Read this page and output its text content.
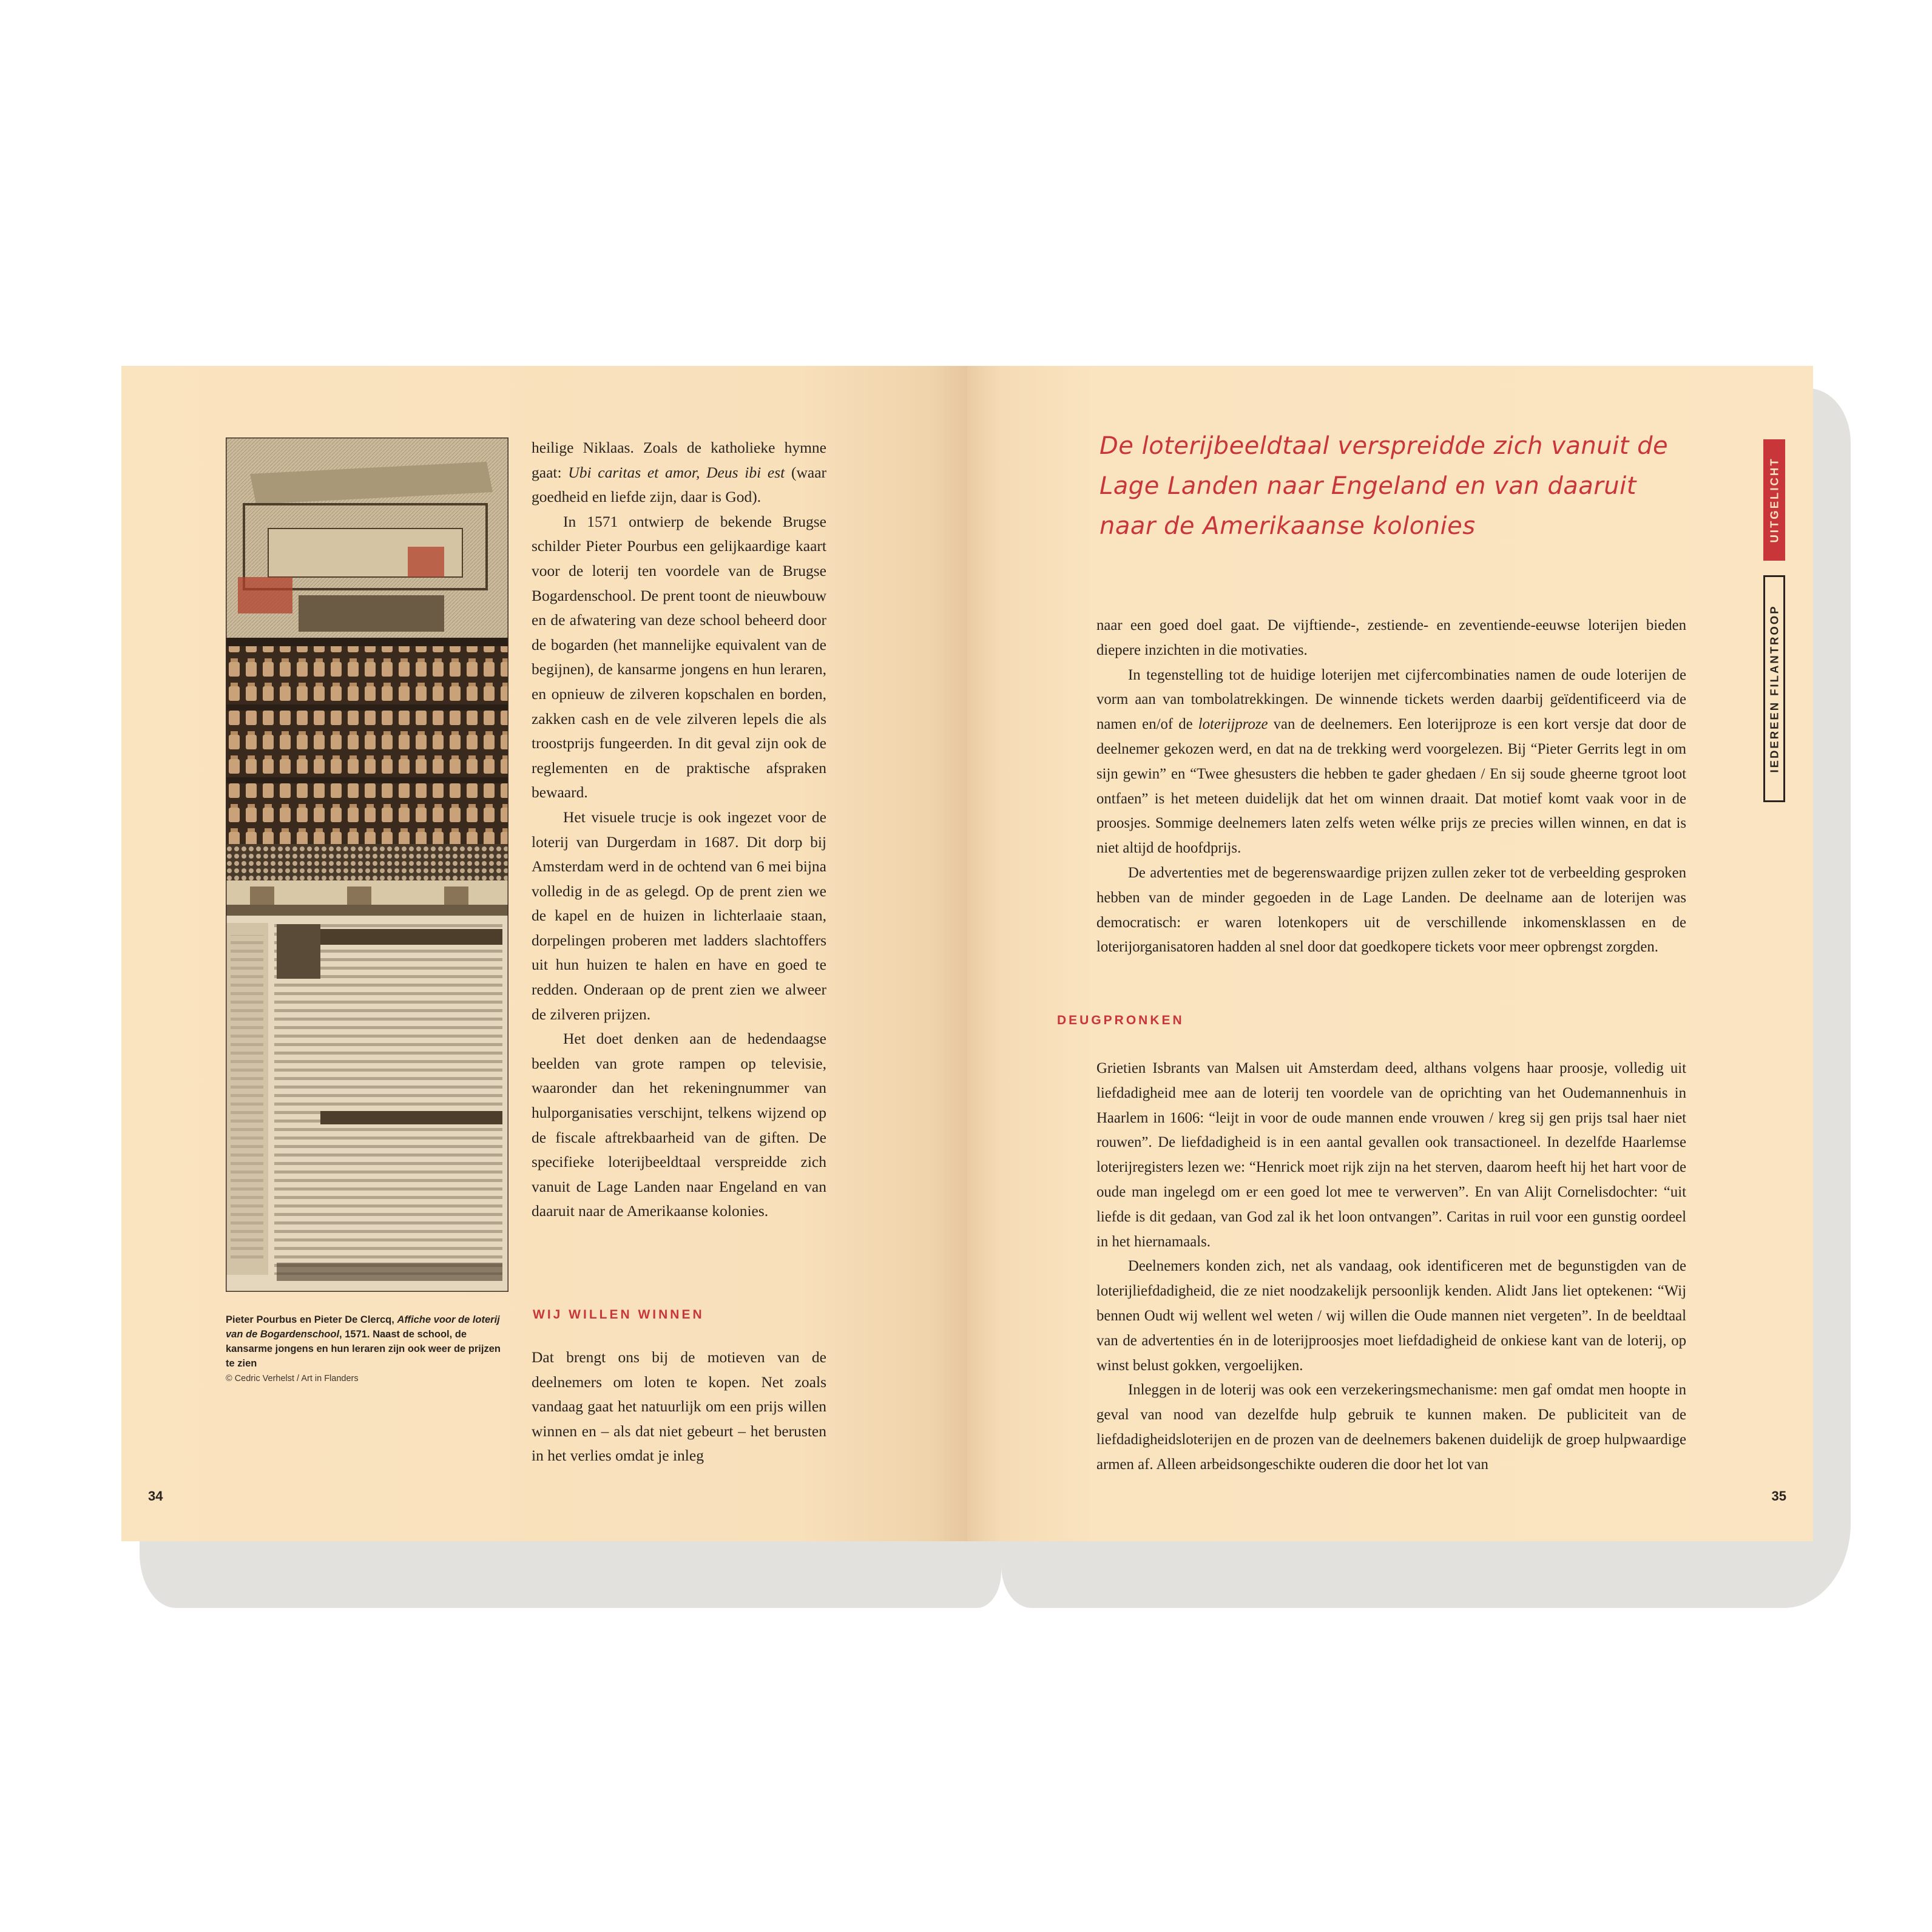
Pieter Pourbus en Pieter De Clercq, Affiche voor de loterij van de Bogardenschool, 1571. Naast de school, de kansarme jongens en hun leraren zijn ook weer de prijzen te zien
© Cedric Verhelst / Art in Flanders

heilige Niklaas. Zoals de katholieke hymne gaat: Ubi caritas et amor, Deus ibi est (waar goedheid en liefde zijn, daar is God).

In 1571 ontwierp de bekende Brugse schilder Pieter Pourbus een gelijkaardige kaart voor de loterij ten voordele van de Brugse Bogardenschool. De prent toont de nieuwbouw en de afwatering van deze school beheerd door de bogarden (het mannelijke equivalent van de begijnen), de kansarme jongens en hun leraren, en opnieuw de zilveren kopschalen en borden, zakken cash en de vele zilveren lepels die als troostprijs fungeerden. In dit geval zijn ook de reglementen en de praktische afspraken bewaard.

Het visuele trucje is ook ingezet voor de loterij van Durgerdam in 1687. Dit dorp bij Amsterdam werd in de ochtend van 6 mei bijna volledig in de as gelegd. Op de prent zien we de kapel en de huizen in lichterlaaie staan, dorpelingen proberen met ladders slachtoffers uit hun huizen te halen en have en goed te redden. Onderaan op de prent zien we alweer de zilveren prijzen.

Het doet denken aan de hedendaagse beelden van grote rampen op televisie, waaronder dan het rekeningnummer van hulporganisaties verschijnt, telkens wijzend op de fiscale aftrekbaarheid van de giften. De specifieke loterijbeeldtaal verspreidde zich vanuit de Lage Landen naar Engeland en van daaruit naar de Amerikaanse kolonies.

WIJ WILLEN WINNEN

Dat brengt ons bij de motieven van de deelnemers om loten te kopen. Net zoals vandaag gaat het natuurlijk om een prijs willen winnen en – als dat niet gebeurt – het berusten in het verlies omdat je inleg

34	35
De loterijbeeldtaal verspreidde zich vanuit de Lage Landen naar Engeland en van daaruit naar de Amerikaanse kolonies	UITGELICHT
IEDEREEN FILANTROOP

naar een goed doel gaat. De vijftiende-, zestiende- en zeventiende-eeuwse loterijen bieden diepere inzichten in die motivaties.

In tegenstelling tot de huidige loterijen met cijfercombinaties namen de oude loterijen de vorm aan van tombolatrekkingen. De winnende tickets werden daarbij geïdentificeerd via de namen en/of de loterijproze van de deelnemers. Een loterijproze is een kort versje dat door de deelnemer gekozen werd, en dat na de trekking werd voorgelezen. Bij “Pieter Gerrits legt in om sijn gewin” en “Twee ghesusters die hebben te gader ghedaen / En sij soude gheerne tgroot loot ontfaen” is het meteen duidelijk dat het om winnen draait. Dat motief komt vaak voor in de proosjes. Sommige deelnemers laten zelfs weten wélke prijs ze precies willen winnen, en dat is niet altijd de hoofdprijs.

De advertenties met de begerenswaardige prijzen zullen zeker tot de verbeelding gesproken hebben van de minder gegoeden in de Lage Landen. De deelname aan de loterijen was democratisch: er waren lotenkopers uit de verschillende inkomensklassen en de loterijorganisatoren hadden al snel door dat goedkopere tickets voor meer opbrengst zorgden.

DEUGPRONKEN

Grietien Isbrants van Malsen uit Amsterdam deed, althans volgens haar proosje, volledig uit liefdadigheid mee aan de loterij ten voordele van de oprichting van het Oudemannenhuis in Haarlem in 1606: “leijt in voor de oude mannen ende vrouwen / kreg sij gen prijs tsal haer niet rouwen”. De liefdadigheid is in een aantal gevallen ook transactioneel. In dezelfde Haarlemse loterijregisters lezen we: “Henrick moet rijk zijn na het sterven, daarom heeft hij het hart voor de oude man ingelegd om er een goed lot mee te verwerven”. En van Alijt Cornelisdochter: “uit liefde is dit gedaan, van God zal ik het loon ontvangen”. Caritas in ruil voor een gunstig oordeel in het hiernamaals.

Deelnemers konden zich, net als vandaag, ook identificeren met de begunstigden van de loterijliefdadigheid, die ze niet noodzakelijk persoonlijk kenden. Alidt Jans liet optekenen: “Wij bennen Oudt wij wellent wel weten / wij willen die Oude mannen niet vergeten”. In de beeldtaal van de advertenties én in de loterijproosjes moet liefdadigheid de onkiese kant van de loterij, op winst belust gokken, vergoelijken.

Inleggen in de loterij was ook een verzekeringsmechanisme: men gaf omdat men hoopte in geval van nood van dezelfde hulp gebruik te kunnen maken. De publiciteit van de liefdadigheidsloterijen en de prozen van de deelnemers bakenen duidelijk de groep hulpwaardige armen af. Alleen arbeidsongeschikte ouderen die door het lot van
